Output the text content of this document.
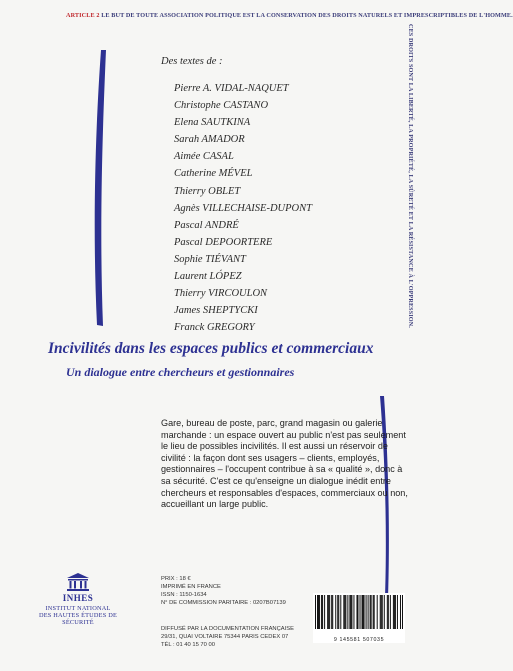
ARTICLE 2 LE BUT DE TOUTE ASSOCIATION POLITIQUE EST LA CONSERVATION DES DROITS NATURELS ET IMPRESCRIPTIBLES DE L'HOMME.
CES DROITS SONT LA LIBERTÉ, LA PROPRIÉTÉ, LA SÛRETÉ ET LA RÉSISTANCE À L'OPPRESSION.
Des textes de :
Pierre A. VIDAL-NAQUET
Christophe CASTANO
Elena SAUTKINA
Sarah AMADOR
Aimée CASAL
Catherine MÉVEL
Thierry OBLET
Agnès VILLECHAISE-DUPONT
Pascal ANDRÉ
Pascal DEPOORTERE
Sophie TIÉVANT
Laurent LÓPEZ
Thierry VIRCOULON
James SHEPTYCKI
Franck GREGORY
Incivilités dans les espaces publics et commerciaux
Un dialogue entre chercheurs et gestionnaires

Gare, bureau de poste, parc, grand magasin ou galerie marchande : un espace ouvert au public n'est pas seulement le lieu de possibles incivilités. Il est aussi un réservoir de civilité : la façon dont ses usagers – clients, employés, gestionnaires – l'occupent contribue à sa « qualité », donc à sa sécurité. C'est ce qu'enseigne un dialogue inédit entre chercheurs et responsables d'espaces, commerciaux ou non, accueillant un large public.

INHES
INSTITUT NATIONAL
DES HAUTES ÉTUDES DE
SÉCURITÉ
PRIX : 18 €
IMPRIMÉ EN FRANCE
ISSN : 1150-1634
N° DE COMMISSION PARITAIRE : 0207B07139
DIFFUSÉ PAR LA DOCUMENTATION FRANÇAISE
29/31, QUAI VOLTAIRE 75344 PARIS CEDEX 07
TÉL : 01 40 15 70 00
9 145581 507035
